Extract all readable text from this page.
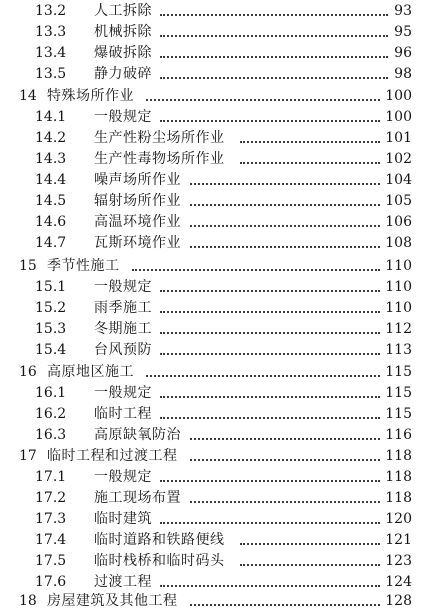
13.2 人工拆除	93
13.3 机械拆除	95
13.4 爆破拆除	96
13.5 静力破碎	98
14 特殊场所作业	100
14.1 一般规定	100
14.2 生产性粉尘场所作业	101
14.3 生产性毒物场所作业	102
14.4 噪声场所作业	104
14.5 辐射场所作业	105
14.6 高温环境作业	106
14.7 瓦斯环境作业	108
15 季节性施工	110
15.1 一般规定	110
15.2 雨季施工	110
15.3 冬期施工	112
15.4 台风预防	113
16 高原地区施工	115
16.1 一般规定	115
16.2 临时工程	115
16.3 高原缺氧防治	116
17 临时工程和过渡工程	118
17.1 一般规定	118
17.2 施工现场布置	118
17.3 临时建筑	120
17.4 临时道路和铁路便线	121
17.5 临时栈桥和临时码头	123
17.6 过渡工程	124
18 房屋建筑及其他工程	128
